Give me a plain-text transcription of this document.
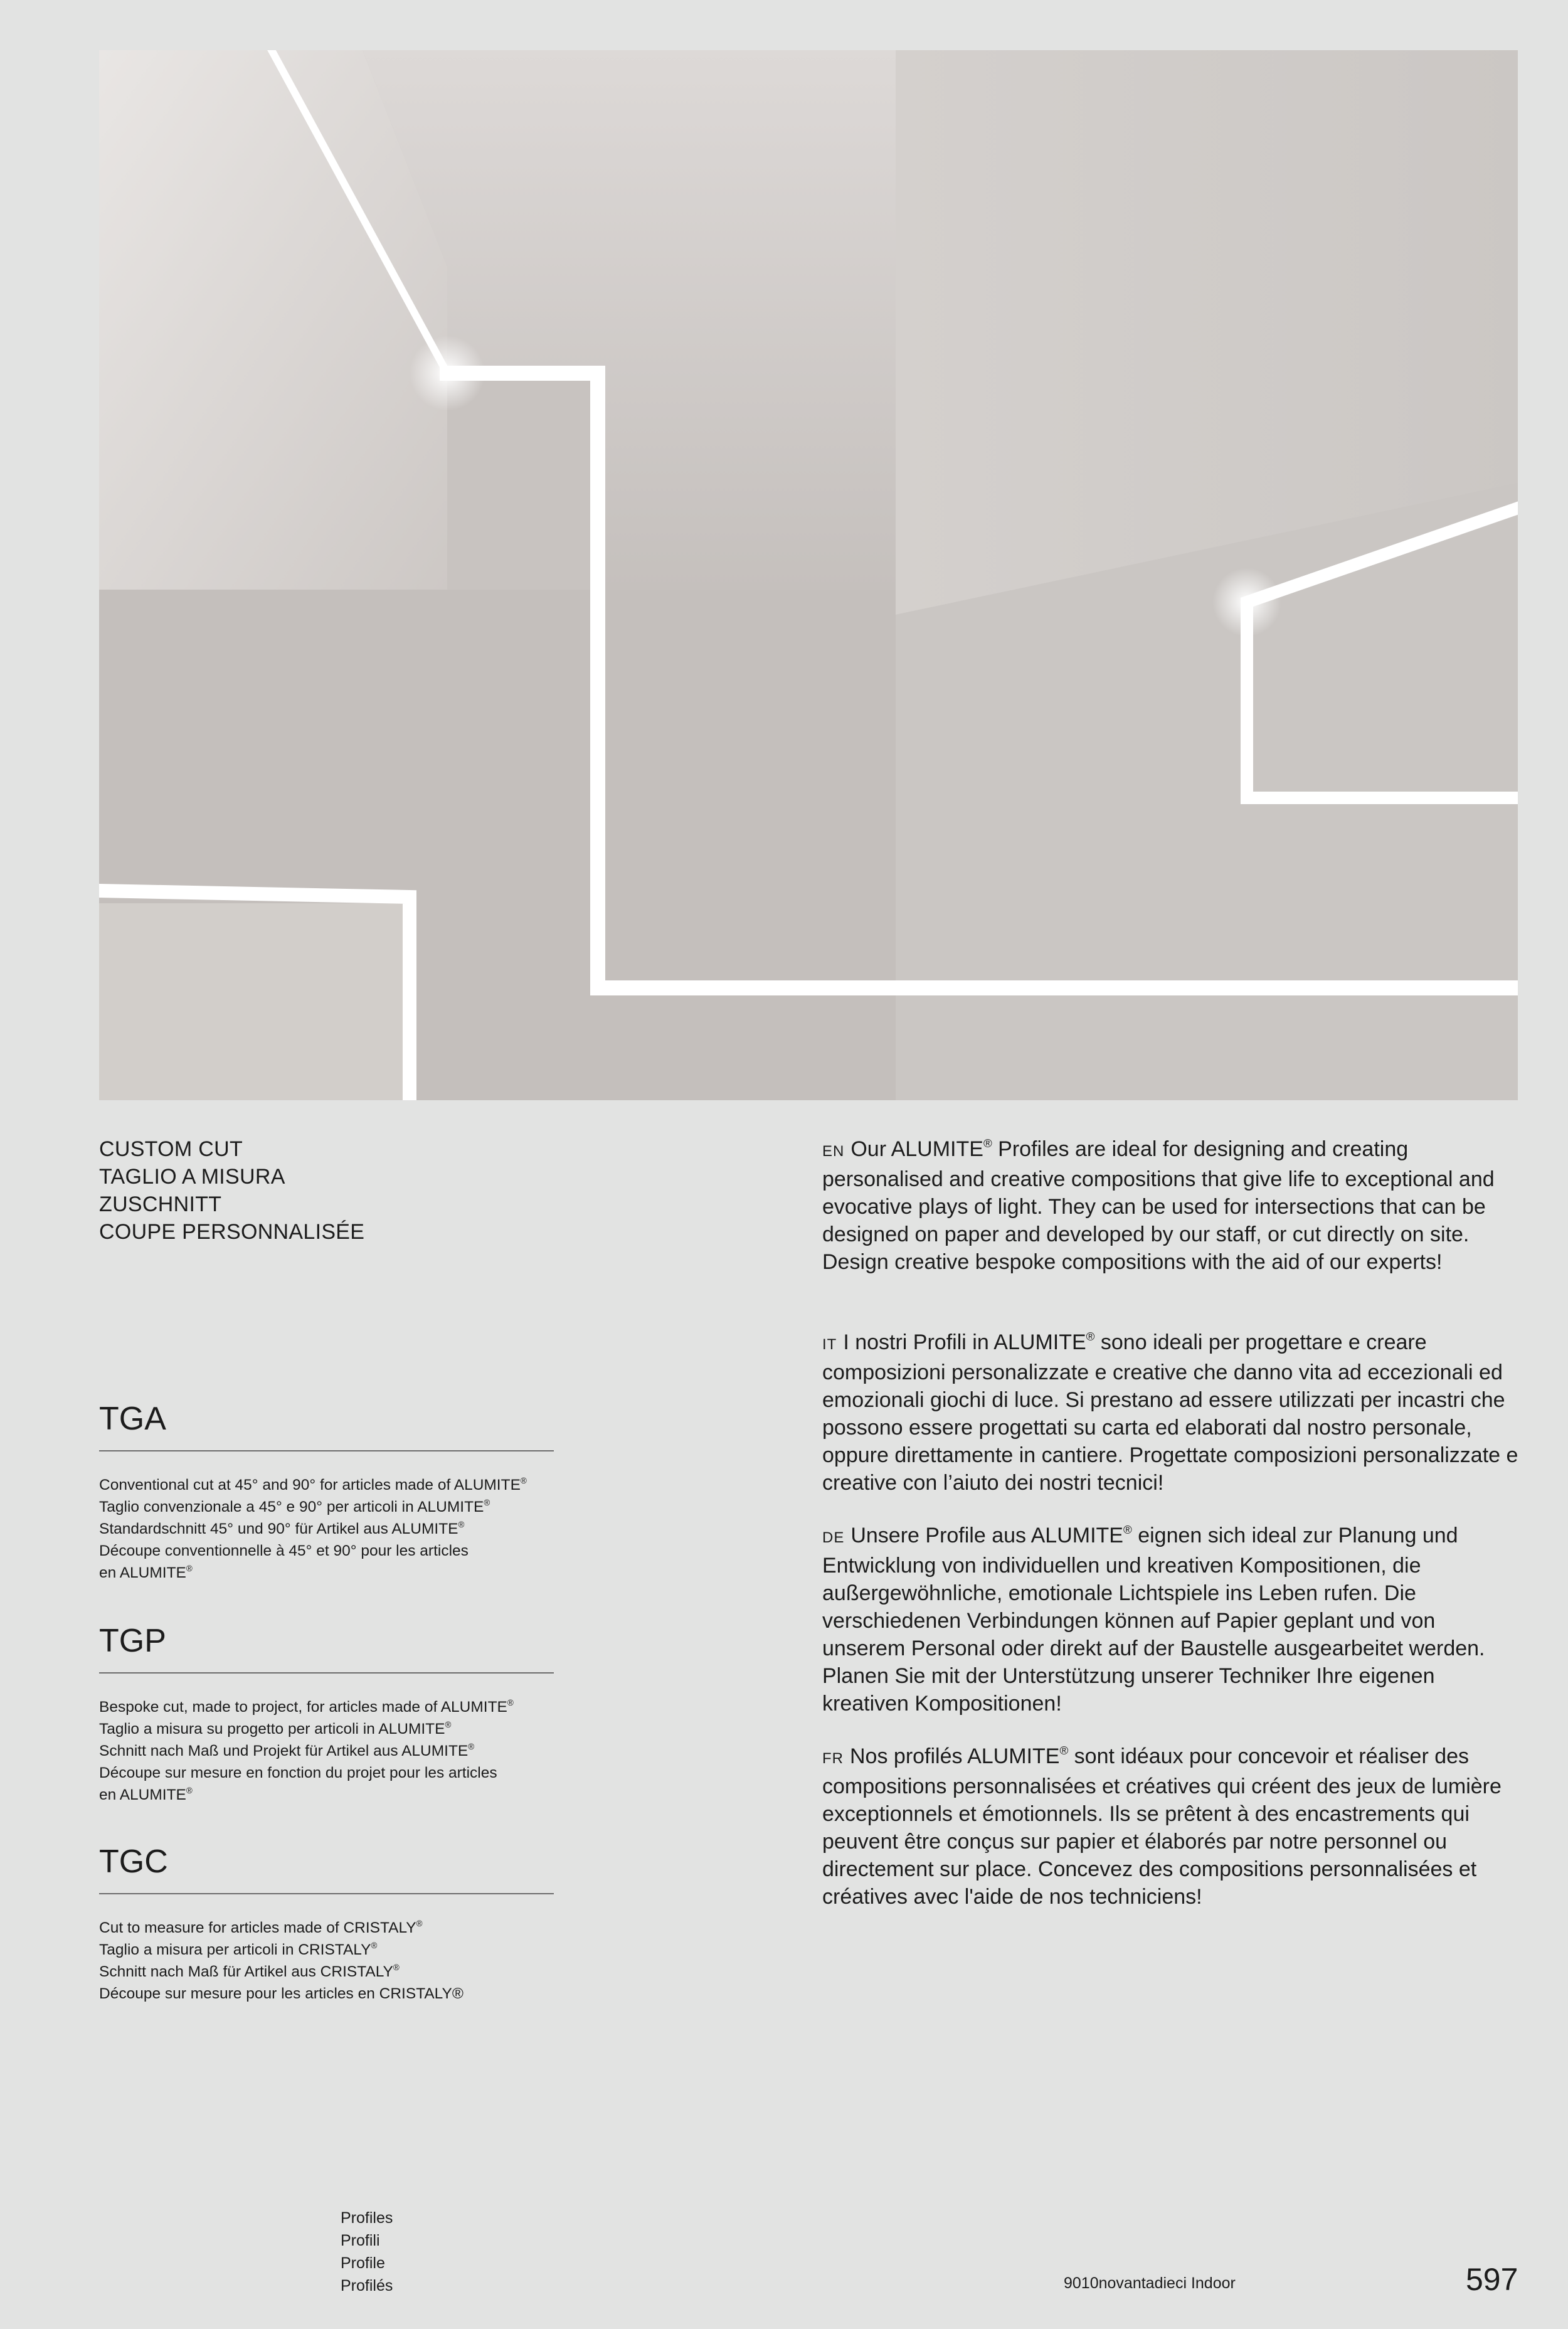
CUSTOM CUT
TAGLIO A MISURA
ZUSCHNITT
COUPE PERSONNALISÉE
TGA
Conventional cut at 45° and 90° for articles made of ALUMITE®
Taglio convenzionale a 45° e 90° per articoli in ALUMITE®
Standardschnitt 45° und 90° für Artikel aus ALUMITE®
Découpe conventionnelle à 45° et 90° pour les articles
en ALUMITE®
TGP
Bespoke cut, made to project, for articles made of ALUMITE®
Taglio a misura su progetto per articoli in ALUMITE®
Schnitt nach Maß und Projekt für Artikel aus ALUMITE®
Découpe sur mesure en fonction du projet pour les articles
en ALUMITE®
TGC
Cut to measure for articles made of CRISTALY®
Taglio a misura per articoli in CRISTALY®
Schnitt nach Maß für Artikel aus CRISTALY®
Découpe sur mesure pour les articles en CRISTALY®

EN Our ALUMITE® Profiles are ideal for designing and creating personalised and creative compositions that give life to exceptional and evocative plays of light. They can be used for intersections that can be designed on paper and developed by our staff, or cut directly on site. Design creative bespoke compositions with the aid of our experts!

IT I nostri Profili in ALUMITE® sono ideali per progettare e creare composizioni personalizzate e creative che danno vita ad eccezionali ed emozionali giochi di luce. Si prestano ad essere utilizzati per incastri che possono essere progettati su carta ed elaborati dal nostro personale, oppure direttamente in cantiere. Progettate composizioni personalizzate e creative con l’aiuto dei nostri tecnici!

DE Unsere Profile aus ALUMITE® eignen sich ideal zur Planung und Entwicklung von individuellen und kreativen Kompositionen, die außergewöhnliche, emotionale Lichtspiele ins Leben rufen. Die verschiedenen Verbindungen können auf Papier geplant und von unserem Personal oder direkt auf der Baustelle ausgearbeitet werden. Planen Sie mit der Unterstützung unserer Techniker Ihre eigenen kreativen Kompositionen!

FR Nos profilés ALUMITE® sont idéaux pour concevoir et réaliser des compositions personnalisées et créatives qui créent des jeux de lumière exceptionnels et émotionnels. Ils se prêtent à des encastrements qui peuvent être conçus sur papier et élaborés par notre personnel ou directement sur place. Concevez des compositions personnalisées et créatives avec l'aide de nos techniciens!

Profiles
Profili
Profile
Profilés	9010novantadieci Indoor	597
